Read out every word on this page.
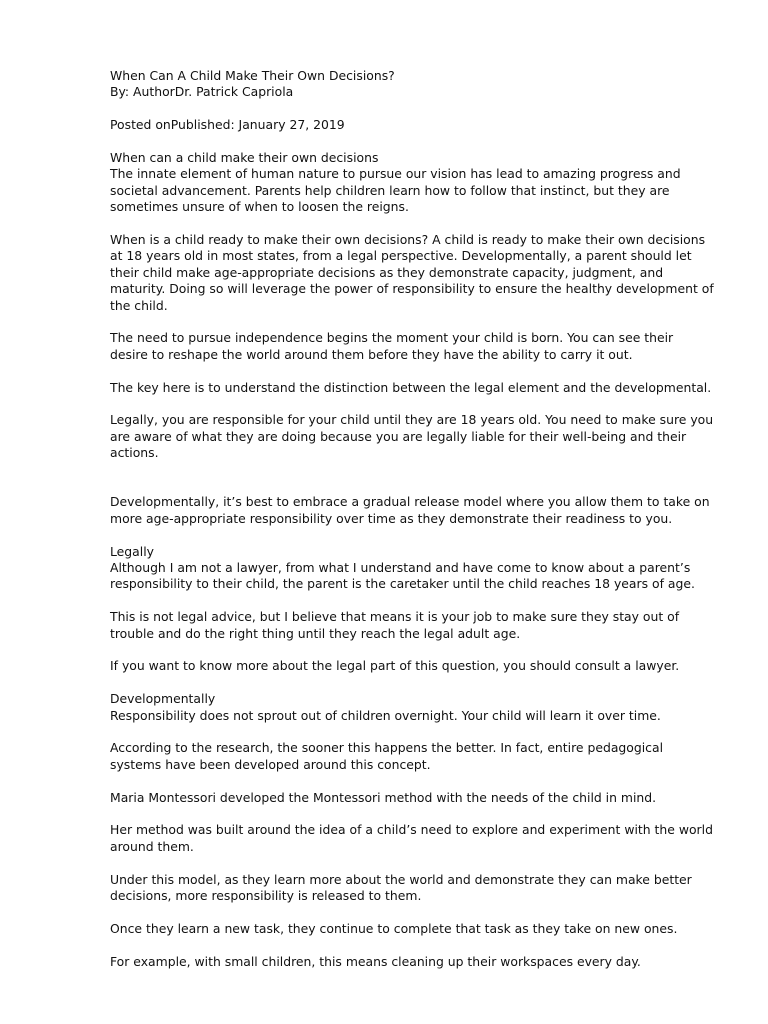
When Can A Child Make Their Own Decisions?

By: AuthorDr. Patrick Capriola

Posted onPublished: January 27, 2019

When can a child make their own decisions

The innate element of human nature to pursue our vision has lead to amazing progress and societal advancement. Parents help children learn how to follow that instinct, but they are sometimes unsure of when to loosen the reigns.

When is a child ready to make their own decisions? A child is ready to make their own decisions at 18 years old in most states, from a legal perspective. Developmentally, a parent should let their child make age-appropriate decisions as they demonstrate capacity, judgment, and maturity. Doing so will leverage the power of responsibility to ensure the healthy development of the child.

The need to pursue independence begins the moment your child is born. You can see their desire to reshape the world around them before they have the ability to carry it out.

The key here is to understand the distinction between the legal element and the developmental.

Legally, you are responsible for your child until they are 18 years old. You need to make sure you are aware of what they are doing because you are legally liable for their well-being and their actions.

Developmentally, it’s best to embrace a gradual release model where you allow them to take on more age-appropriate responsibility over time as they demonstrate their readiness to you.

Legally

Although I am not a lawyer, from what I understand and have come to know about a parent’s responsibility to their child, the parent is the caretaker until the child reaches 18 years of age.

This is not legal advice, but I believe that means it is your job to make sure they stay out of trouble and do the right thing until they reach the legal adult age.

If you want to know more about the legal part of this question, you should consult a lawyer.

Developmentally

Responsibility does not sprout out of children overnight. Your child will learn it over time.

According to the research, the sooner this happens the better. In fact, entire pedagogical systems have been developed around this concept.

Maria Montessori developed the Montessori method with the needs of the child in mind.

Her method was built around the idea of a child’s need to explore and experiment with the world around them.

Under this model, as they learn more about the world and demonstrate they can make better decisions, more responsibility is released to them.

Once they learn a new task, they continue to complete that task as they take on new ones.

For example, with small children, this means cleaning up their workspaces every day.
